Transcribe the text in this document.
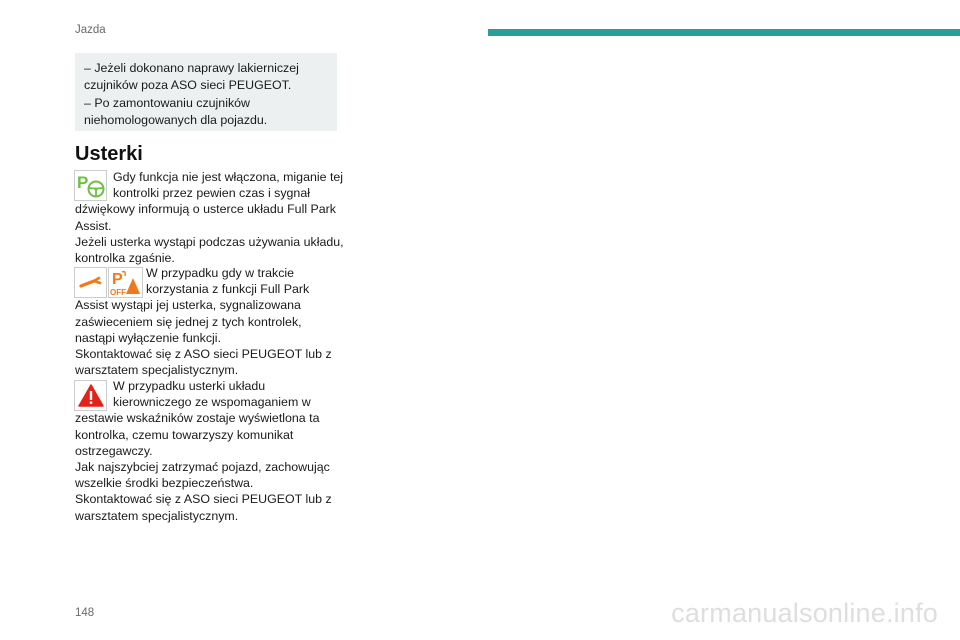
Jazda
– Jeżeli dokonano naprawy lakierniczej
czujników poza ASO sieci PEUGEOT.
– Po zamontowaniu czujników
niehomologowanych dla pojazdu.
Usterki
P	Gdy funkcja nie jest włączona, miganie tej
kontrolki przez pewien czas i sygnał
dźwiękowy informują o usterce układu Full Park
Assist.
Jeżeli usterka wystąpi podczas używania układu,
kontrolka zgaśnie.
P
OFF
W przypadku gdy w trakcie
korzystania z funkcji Full Park
Assist wystąpi jej usterka, sygnalizowana
zaświeceniem się jednej z tych kontrolek,
nastąpi wyłączenie funkcji.
Skontaktować się z ASO sieci PEUGEOT lub z
warsztatem specjalistycznym.
W przypadku usterki układu
kierowniczego ze wspomaganiem w
zestawie wskaźników zostaje wyświetlona ta
kontrolka, czemu towarzyszy komunikat
ostrzegawczy.
Jak najszybciej zatrzymać pojazd, zachowując
wszelkie środki bezpieczeństwa.
Skontaktować się z ASO sieci PEUGEOT lub z
warsztatem specjalistycznym.
148	carmanualsonline.info
